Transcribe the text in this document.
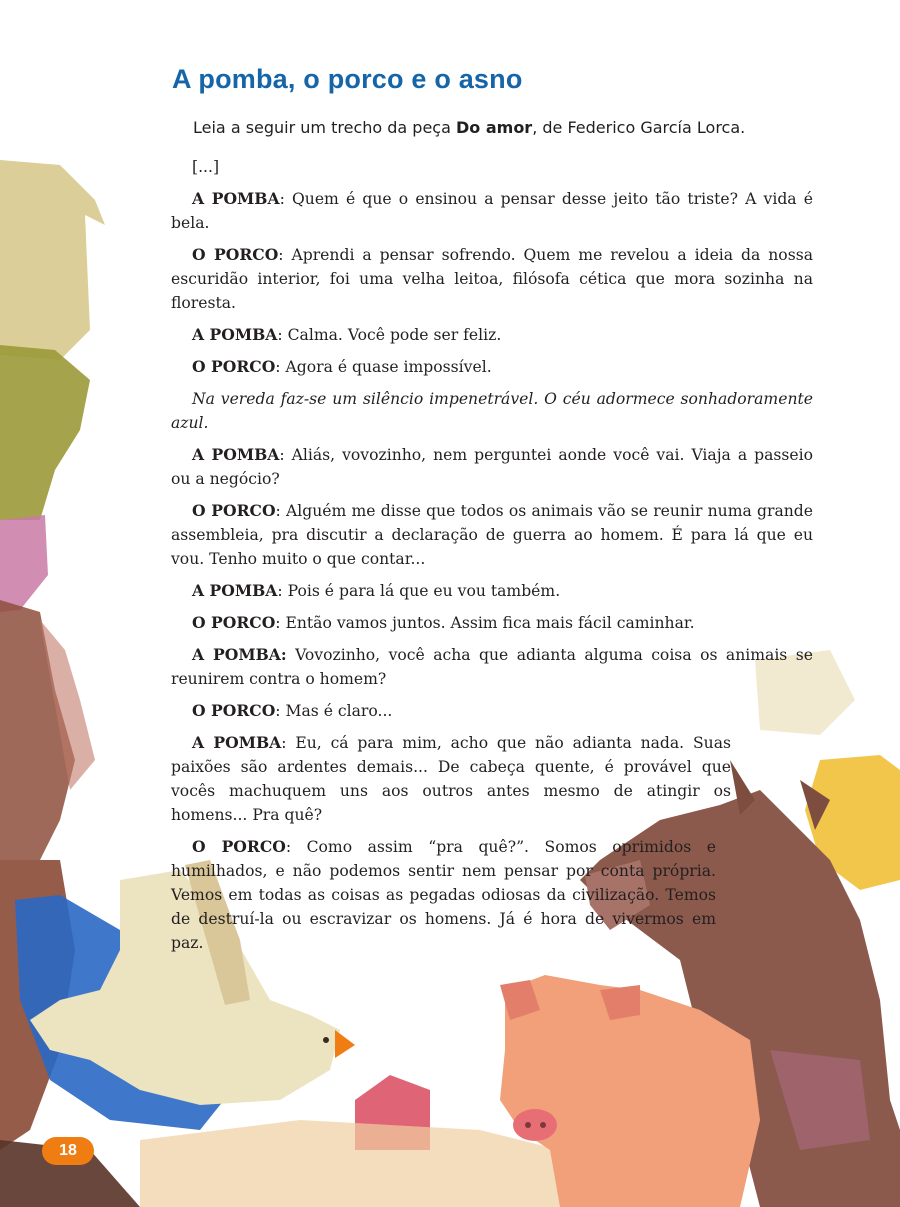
A pomba, o porco e o asno

Leia a seguir um trecho da peça Do amor, de Federico García Lorca.

[...]

A POMBA: Quem é que o ensinou a pensar desse jeito tão triste? A vida é bela.

O PORCO: Aprendi a pensar sofrendo. Quem me revelou a ideia da nossa escuridão interior, foi uma velha leitoa, filósofa cética que mora sozinha na floresta.

A POMBA: Calma. Você pode ser feliz.

O PORCO: Agora é quase impossível.

Na vereda faz-se um silêncio impenetrável. O céu adormece sonhadoramente azul.

A POMBA: Aliás, vovozinho, nem perguntei aonde você vai. Viaja a passeio ou a negócio?

O PORCO: Alguém me disse que todos os animais vão se reunir numa grande assembleia, pra discutir a declaração de guerra ao homem. É para lá que eu vou. Tenho muito o que contar...

A POMBA: Pois é para lá que eu vou também.

O PORCO: Então vamos juntos. Assim fica mais fácil caminhar.

A POMBA: Vovozinho, você acha que adianta alguma coisa os animais se reunirem contra o homem?

O PORCO: Mas é claro...

A POMBA: Eu, cá para mim, acho que não adianta nada. Suas paixões são ardentes demais... De cabeça quente, é provável que vocês machuquem uns aos outros antes mesmo de atingir os homens... Pra quê?

O PORCO: Como assim “pra quê?”. Somos oprimidos e humilhados, e não podemos sentir nem pensar por conta própria. Vemos em todas as coisas as pegadas odiosas da civilização. Temos de destruí-la ou escravizar os homens. Já é hora de vivermos em paz.

18
